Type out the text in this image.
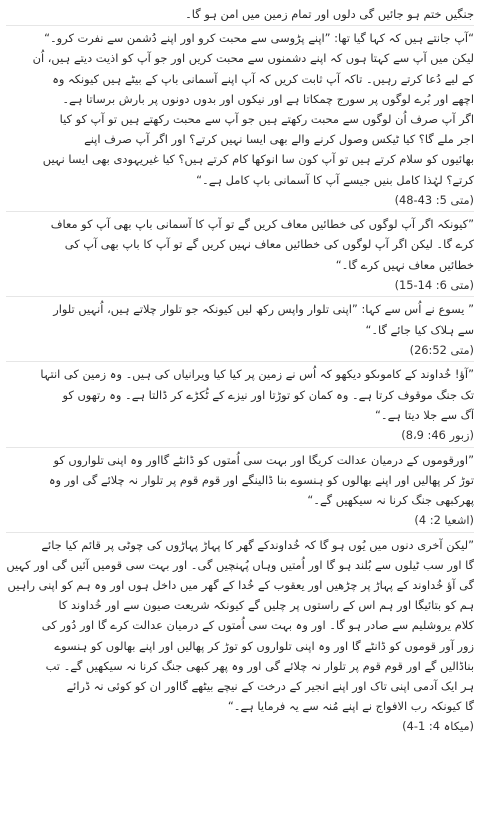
جنگیں ختم ہو جائیں گی دلوں اور تمام زمین میں امن ہو گا۔
“آپ جانتے ہیں کہ کہا گیا تھا: ”اپنے پڑوسی سے محبت کرو اور اپنے دُشمن سے نفرت کرو۔“
لیکن میں آپ سے کہتا ہوں کہ اپنے دشمنوں سے محبت کریں اور جو آپ کو اذیت دیتے ہیں، اُن
کے لیے دُعا کرتے رہیں۔ تاکہ آپ ثابت کریں کہ آپ اپنے آسمانی باپ کے بیٹے ہیں کیونکہ وہ
اچھے اور بُرے لوگوں پر سورج چمکاتا ہے اور نیکوں اور بدوں دونوں پر بارش برساتا ہے۔
اگر آپ صرف اُن لوگوں سے محبت رکھتے ہیں جو آپ سے محبت رکھتے ہیں تو آپ کو کیا
اجر ملے گا؟ کیا ٹیکس وصول کرنے والے بھی ایسا نہیں کرتے؟ اور اگر آپ صرف اپنے
بھائیوں کو سلام کرتے ہیں تو آپ کون سا انوکھا کام کرتے ہیں؟ کیا غیریہودی بھی ایسا نہیں
کرتے؟ لہٰذا کامل بنیں جیسے آپ کا آسمانی باپ کامل ہے۔“
(متی 5: 43-48)
”کیونکہ اگر آپ لوگوں کی خطائیں معاف کریں گے تو آپ کا آسمانی باپ بھی آپ کو معاف
کرے گا۔ لیکن اگر آپ لوگوں کی خطائیں معاف نہیں کریں گے تو آپ کا باپ بھی آپ کی
خطائیں معاف نہیں کرے گا۔“
(متی 6: 14-15)
” یسوع نے اُس سے کہا: ”اپنی تلوار واپس رکھ لیں کیونکہ جو تلوار چلاتے ہیں، اُنہیں تلوار
سے ہلاک کیا جائے گا۔“
(متی 26:52)
”آؤ! خُداوند کے کاموںکو دیکھو کہ اُس نے زمین پر کیا کیا ویرانیاں کی ہیں۔ وہ زمین کی انتہا
تک جنگ موقوف کرتا ہے۔ وہ کمان کو توڑتا اور نیزے کے ٹُکڑے کر ڈالتا ہے۔ وہ رتھوں کو
آگ سے جلا دیتا ہے۔“
(زبور 46: 8،9)
”اورقوموں کے درمیان عدالت کریگا اور بہت سی اُمتوں کو ڈانٹے گااور وہ اپنی تلواروں کو
توڑ کر پھالیں اور اپنے بھالوں کو ہنسوے بنا ڈالینگے اور قوم قوم پر تلوار نہ چلائے گی اور وہ
پھرکبھی جنگ کرنا نہ سیکھیں گے۔“
(اشعیا 2: 4)
”لیکن آخری دنوں میں یُوں ہو گا کہ خُداوندکے گھر کا پہاڑ پہاڑوں کی چوٹی پر قائم کیا جائے
گا اور سب ٹیلوں سے بُلند ہو گا اور اُمتیں وہاں پُہنچیں گی۔ اور بہت سی قومیں آئیں گی اور کہیں
گی آؤ خُداوند کے پہاڑ پر چڑھیں اور یعقوب کے خُدا کے گھر میں داخل ہوں اور وہ ہم کو اپنی راہیں
ہم کو بتائیگا اور ہم اس کے راستوں پر چلیں گے کیونکہ شریعت صیون سے اور خُداوند کا
کلام یروشلیم سے صادر ہو گا۔ اور وہ بہت سی اُمتوں کے درمیان عدالت کرے گا اور دُور کی
زور آور قوموں کو ڈانٹے گا اور وہ اپنی تلواروں کو توڑ کر پھالیں اور اپنے بھالوں کو ہنسوے
بناڈالیں گے اور قوم قوم پر تلوار نہ چلائے گی اور وہ پھر کبھی جنگ کرنا نہ سیکھیں گے۔ تب
ہر ایک آدمی اپنی تاک اور اپنے انجیر کے درخت کے نیچے بیٹھے گااور ان کو کوئی نہ ڈرائے
گا کیونکہ رب الافواج نے اپنے مُنہ سے یہ فرمایا ہے۔“
(میکاہ 4: 1-4)
